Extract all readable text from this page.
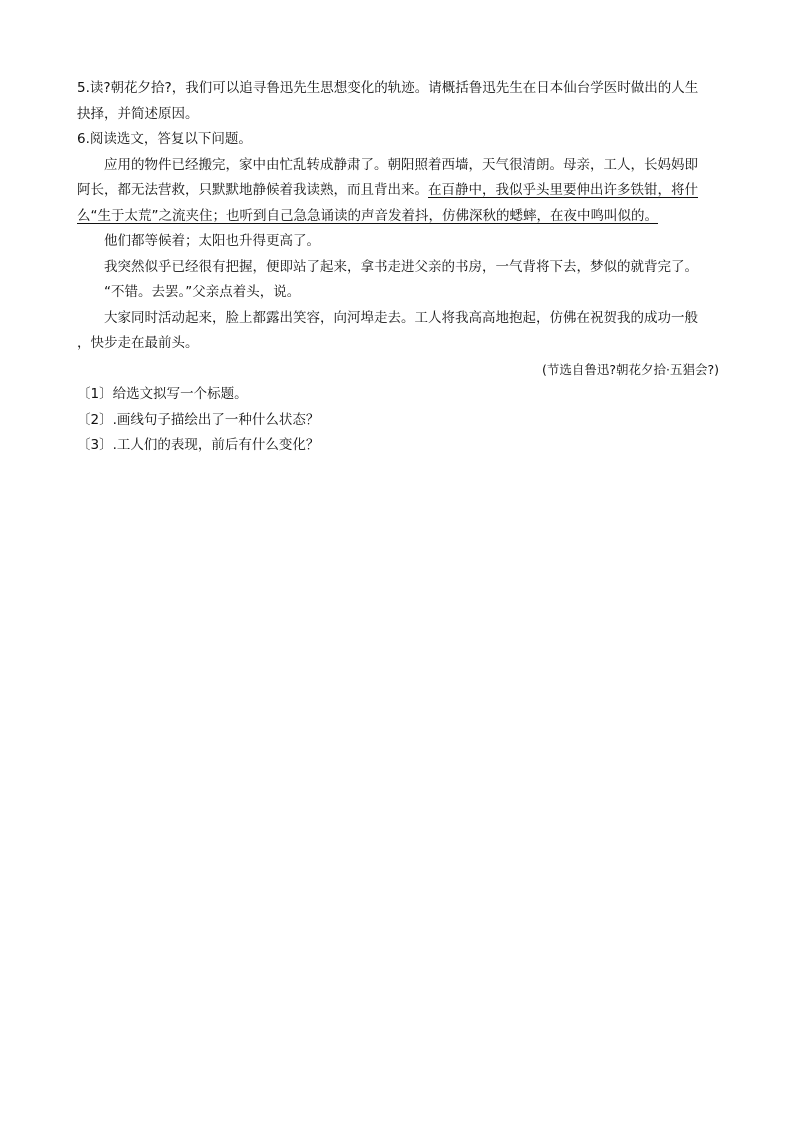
5.读?朝花夕拾?，我们可以追寻鲁迅先生思想变化的轨迹。请概括鲁迅先生在日本仙台学医时做出的人生
抉择，并简述原因。
6.阅读选文，答复以下问题。
应用的物件已经搬完，家中由忙乱转成静肃了。朝阳照着西墙，天气很清朗。母亲，工人，长妈妈即
阿长，都无法营救，只默默地静候着我读熟，而且背出来。在百静中，我似乎头里要伸出许多铁钳，将什
么“生于太荒”之流夹住；也听到自己急急诵读的声音发着抖，仿佛深秋的蟋蟀，在夜中鸣叫似的。
他们都等候着；太阳也升得更高了。
我突然似乎已经很有把握，便即站了起来，拿书走进父亲的书房，一气背将下去，梦似的就背完了。
“不错。去罢。”父亲点着头，说。
大家同时活动起来，脸上都露出笑容，向河埠走去。工人将我高高地抱起，仿佛在祝贺我的成功一般
，快步走在最前头。
(节选自鲁迅?朝花夕拾·五猖会?)
〔1〕给选文拟写一个标题。
〔2〕.画线句子描绘出了一种什么状态？
〔3〕.工人们的表现，前后有什么变化？
